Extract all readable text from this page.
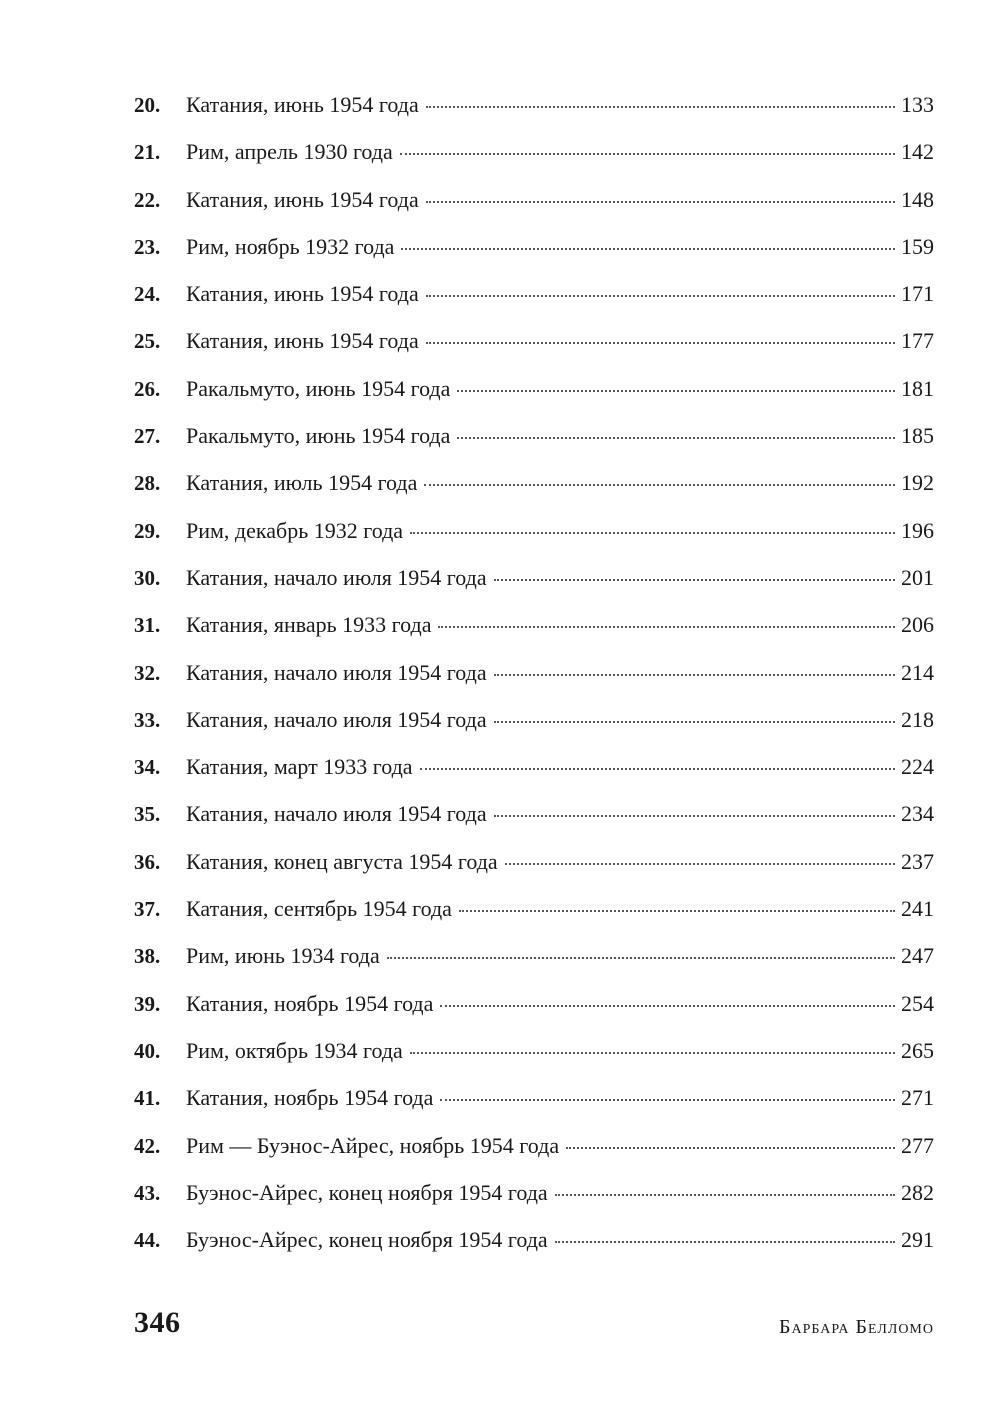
20.	Катания, июнь 1954 года	133
21.	Рим, апрель 1930 года	142
22.	Катания, июнь 1954 года	148
23.	Рим, ноябрь 1932 года	159
24.	Катания, июнь 1954 года	171
25.	Катания, июнь 1954 года	177
26.	Ракальмуто, июнь 1954 года	181
27.	Ракальмуто, июнь 1954 года	185
28.	Катания, июль 1954 года	192
29.	Рим, декабрь 1932 года	196
30.	Катания, начало июля 1954 года	201
31.	Катания, январь 1933 года	206
32.	Катания, начало июля 1954 года	214
33.	Катания, начало июля 1954 года	218
34.	Катания, март 1933 года	224
35.	Катания, начало июля 1954 года	234
36.	Катания, конец августа 1954 года	237
37.	Катания, сентябрь 1954 года	241
38.	Рим, июнь 1934 года	247
39.	Катания, ноябрь 1954 года	254
40.	Рим, октябрь 1934 года	265
41.	Катания, ноябрь 1954 года	271
42.	Рим — Буэнос-Айрес, ноябрь 1954 года	277
43.	Буэнос-Айрес, конец ноября 1954 года	282
44.	Буэнос-Айрес, конец ноября 1954 года	291
346	Барбара Белломо
